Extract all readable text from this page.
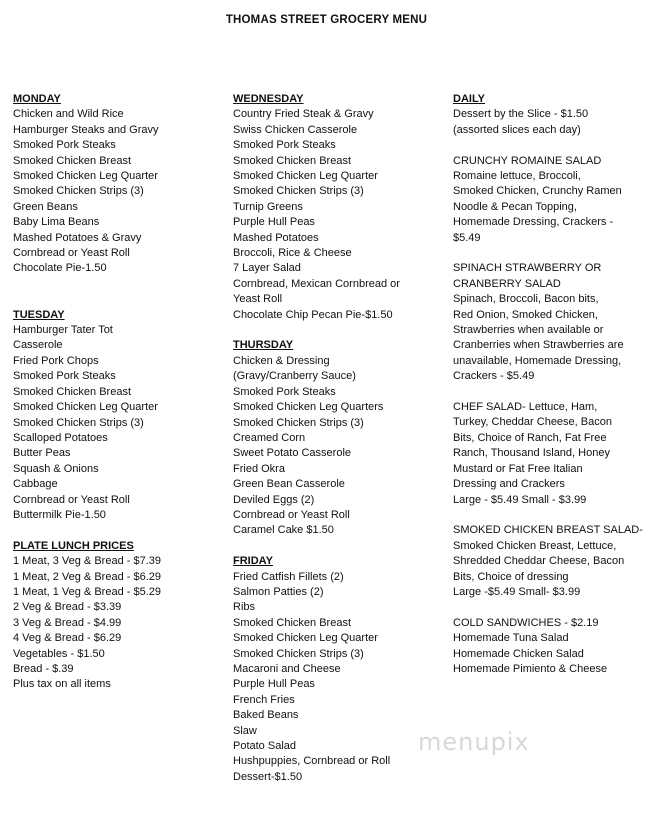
THOMAS STREET GROCERY MENU
MONDAY
Chicken and Wild Rice
Hamburger Steaks and Gravy
Smoked Pork Steaks
Smoked Chicken Breast
Smoked Chicken Leg Quarter
Smoked Chicken Strips (3)
Green Beans
Baby Lima Beans
Mashed Potatoes & Gravy
Cornbread or Yeast Roll
Chocolate Pie-1.50
TUESDAY
Hamburger Tater Tot
Casserole
Fried Pork Chops
Smoked Pork Steaks
Smoked Chicken Breast
Smoked Chicken Leg Quarter
Smoked Chicken Strips (3)
Scalloped Potatoes
Butter Peas
Squash & Onions
Cabbage
Cornbread or Yeast Roll
Buttermilk Pie-1.50
PLATE LUNCH PRICES
1 Meat, 3 Veg & Bread - $7.39
1 Meat, 2 Veg & Bread - $6.29
1 Meat, 1 Veg & Bread - $5.29
2 Veg & Bread - $3.39
3 Veg & Bread - $4.99
4 Veg & Bread - $6.29
Vegetables - $1.50
Bread - $.39
Plus tax on all items
WEDNESDAY
Country Fried Steak & Gravy
Swiss Chicken Casserole
Smoked Pork Steaks
Smoked Chicken Breast
Smoked Chicken Leg Quarter
Smoked Chicken Strips (3)
Turnip Greens
Purple Hull Peas
Mashed Potatoes
Broccoli, Rice & Cheese
7 Layer Salad
Cornbread, Mexican Cornbread or
Yeast Roll
Chocolate Chip Pecan Pie-$1.50
THURSDAY
Chicken & Dressing
(Gravy/Cranberry Sauce)
Smoked Pork Steaks
Smoked Chicken Leg Quarters
Smoked Chicken Strips (3)
Creamed Corn
Sweet Potato Casserole
Fried Okra
Green Bean Casserole
Deviled Eggs (2)
Cornbread or Yeast Roll
Caramel Cake $1.50
FRIDAY
Fried Catfish Fillets (2)
Salmon Patties (2)
Ribs
Smoked Chicken Breast
Smoked Chicken Leg Quarter
Smoked Chicken Strips (3)
Macaroni and Cheese
Purple Hull Peas
French Fries
Baked Beans
Slaw
Potato Salad
Hushpuppies, Cornbread or Roll
Dessert-$1.50
DAILY
Dessert by the Slice - $1.50
(assorted slices each day)
CRUNCHY ROMAINE SALAD
Romaine lettuce, Broccoli,
Smoked Chicken, Crunchy Ramen
Noodle & Pecan Topping,
Homemade Dressing, Crackers -
$5.49
SPINACH STRAWBERRY OR
CRANBERRY SALAD
Spinach, Broccoli, Bacon bits,
Red Onion, Smoked Chicken,
Strawberries when available or
Cranberries when Strawberries are
unavailable, Homemade Dressing,
Crackers - $5.49
CHEF SALAD- Lettuce, Ham,
Turkey, Cheddar Cheese, Bacon
Bits, Choice of Ranch, Fat Free
Ranch, Thousand Island, Honey
Mustard or Fat Free Italian
Dressing and Crackers
Large - $5.49 Small - $3.99
SMOKED CHICKEN BREAST SALAD-
Smoked Chicken Breast, Lettuce,
Shredded Cheddar Cheese, Bacon
Bits, Choice of dressing
Large -$5.49 Small- $3.99
COLD SANDWICHES - $2.19
Homemade Tuna Salad
Homemade Chicken Salad
Homemade Pimiento & Cheese
menupix
